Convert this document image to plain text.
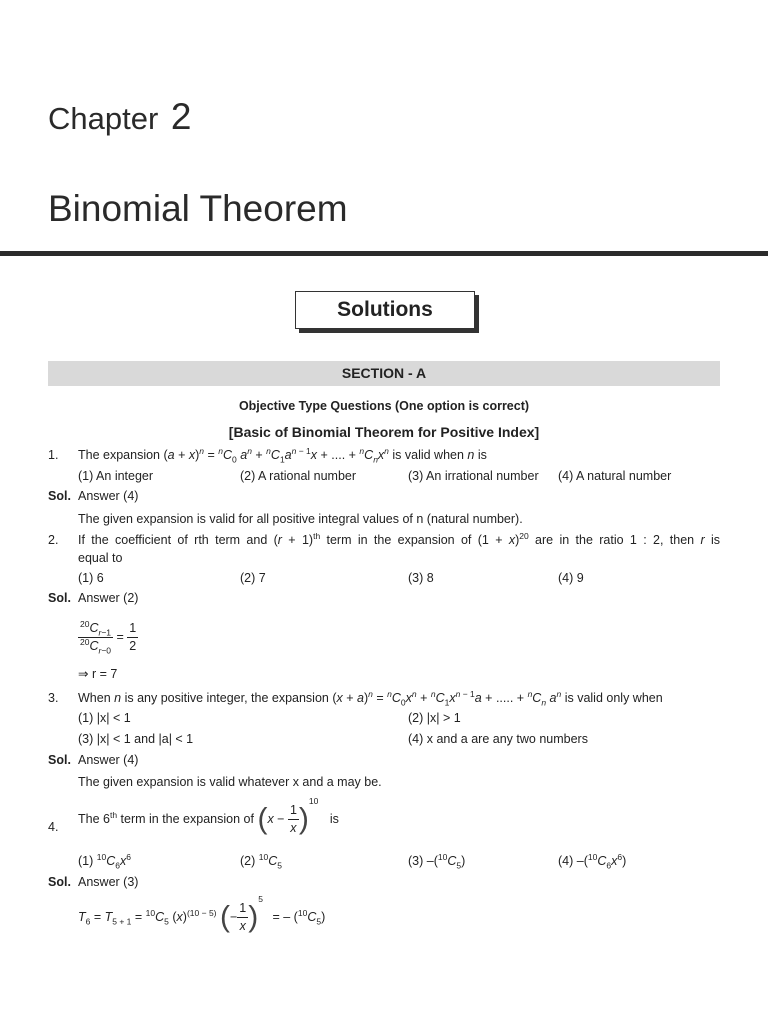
Chapter 2
Binomial Theorem
Solutions
SECTION - A
Objective Type Questions (One option is correct)
[Basic of Binomial Theorem for Positive Index]
1. The expansion $(a + x)^n = ^nC_0$ $a^n + ^nC_1a^{n - 1}x$ + .... + $^nC_nx^n$ is valid when n is
(1) An integer	(2) A rational number	(3) An irrational number (4) A natural number
Sol. Answer (4)
The given expansion is valid for all positive integral values of n (natural number).
2. If the coefficient of rth term and $(r + 1)^{th}$ term in the expansion of $(1 + x)^{20}$ are in the ratio 1 : 2, then r is
equal to
(1) 6	(2) 7	(3) 8	(4) 9
Sol. Answer (2)
$\frac{^{20}C_{r-1}}{^{20}C_{r-0}} = \frac{1}{2}$
⇒ r = 7
3. When n is any positive integer, the expansion $(x + a)^n = ^nC_0x^n + ^nC_1x^{n - 1}a$ + ..... + $^nC_n$ $a^n$ is valid only when
(1) |x| < 1	(2) |x| > 1
(3) |x| < 1 and |a| < 1	(4) x and a are any two numbers
Sol. Answer (4)
The given expansion is valid whatever x and a may be.
4.
The 6th term in the expansion of $(x - \frac{1}{x} )^{10}$ is
(1) $^{10}C_6x^6$	(2) $^{10}C_5$	(3) $-(^{10}C_5)$	(4) $-(^{10}C_6x^6)$
Sol. Answer (3)
$T_6 = T_{5 + 1} = ^{10}C_5$ $(x)^{(10 - 5)}$ (− $\frac{1}{x} )^5$ = – $(^{10}C_5)$
